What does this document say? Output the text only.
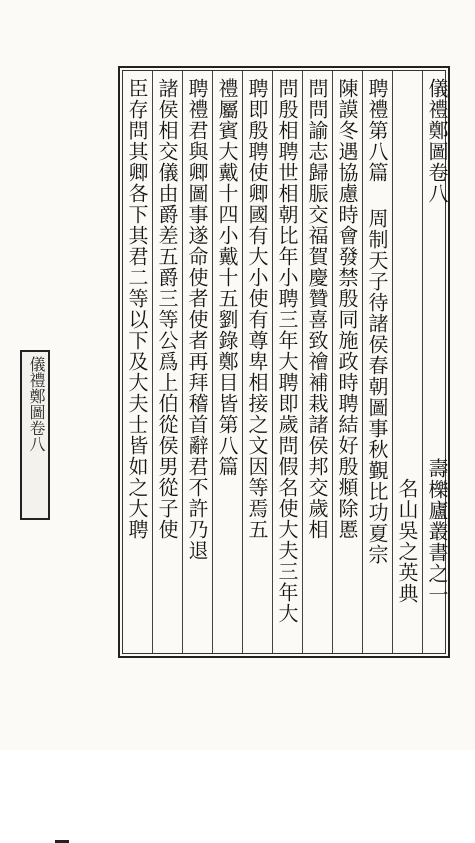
儀禮鄭圖卷八
儀禮鄭圖卷八
壽櫟廬叢書之一
名山吳之英典
聘禮第八篇 周制天子待諸侯春朝圖事秋覲比功夏宗
陳謨冬遇協慮時會發禁殷同施政時聘結好殷頫除慝
問問諭志歸脤交福賀慶贊喜致禬補栽諸侯邦交歲相
問殷相聘世相朝比年小聘三年大聘即歲問假名使大夫三年大
聘即殷聘使卿國有大小使有尊卑相接之文因等焉五
禮屬賓大戴十四小戴十五劉錄鄭目皆第八篇
聘禮君與卿圖事遂命使者使者再拜稽首辭君不許乃退
諸侯相交儀由爵差五爵三等公爲上伯從侯男從子使
臣存問其卿各下其君二等以下及大夫士皆如之大聘
